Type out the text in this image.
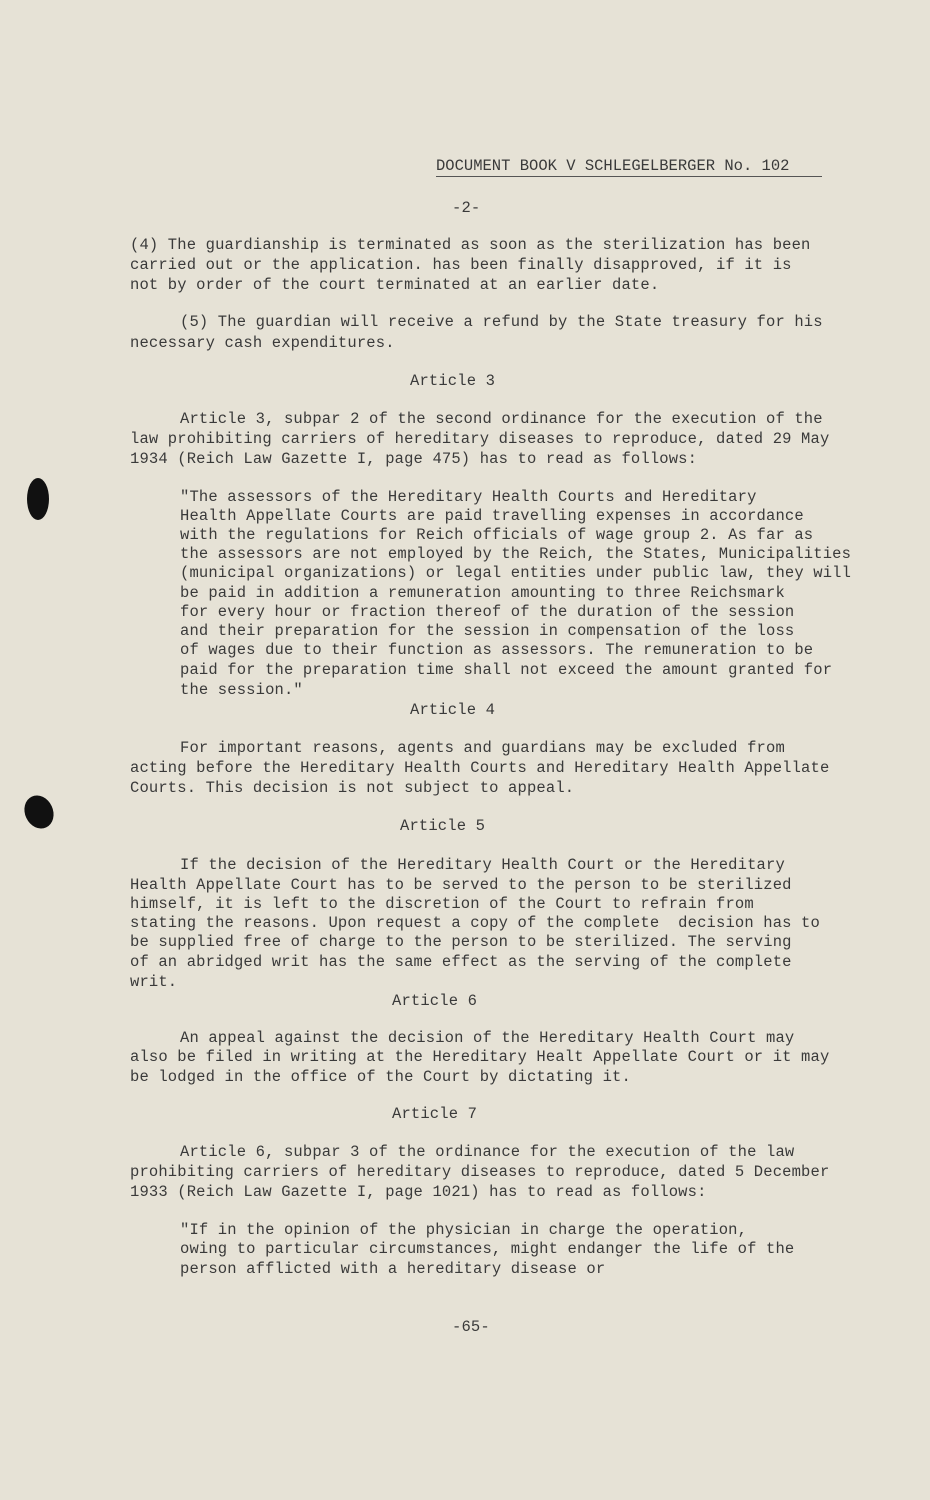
DOCUMENT BOOK V SCHLEGELBERGER No. 102
-2-
(4) The guardianship is terminated as soon as the sterilization has been
carried out or the application. has been finally disapproved, if it is
not by order of the court terminated at an earlier date.
(5) The guardian will receive a refund by the State treasury for his
necessary cash expenditures.
Article 3
Article 3, subpar 2 of the second ordinance for the execution of the
law prohibiting carriers of hereditary diseases to reproduce, dated 29 May
1934 (Reich Law Gazette I, page 475) has to read as follows:
"The assessors of the Hereditary Health Courts and Hereditary
Health Appellate Courts are paid travelling expenses in accordance
with the regulations for Reich officials of wage group 2. As far as
the assessors are not employed by the Reich, the States, Municipalities
(municipal organizations) or legal entities under public law, they will
be paid in addition a remuneration amounting to three Reichsmark
for every hour or fraction thereof of the duration of the session
and their preparation for the session in compensation of the loss
of wages due to their function as assessors. The remuneration to be
paid for the preparation time shall not exceed the amount granted for
the session."
Article 4
For important reasons, agents and guardians may be excluded from
acting before the Hereditary Health Courts and Hereditary Health Appellate
Courts. This decision is not subject to appeal.
Article 5
If the decision of the Hereditary Health Court or the Hereditary
Health Appellate Court has to be served to the person to be sterilized
himself, it is left to the discretion of the Court to refrain from
stating the reasons. Upon request a copy of the complete  decision has to
be supplied free of charge to the person to be sterilized. The serving
of an abridged writ has the same effect as the serving of the complete
writ.
Article 6
An appeal against the decision of the Hereditary Health Court may
also be filed in writing at the Hereditary Healt Appellate Court or it may
be lodged in the office of the Court by dictating it.
Article 7
Article 6, subpar 3 of the ordinance for the execution of the law
prohibiting carriers of hereditary diseases to reproduce, dated 5 December
1933 (Reich Law Gazette I, page 1021) has to read as follows:
"If in the opinion of the physician in charge the operation,
owing to particular circumstances, might endanger the life of the
person afflicted with a hereditary disease or
-65-
